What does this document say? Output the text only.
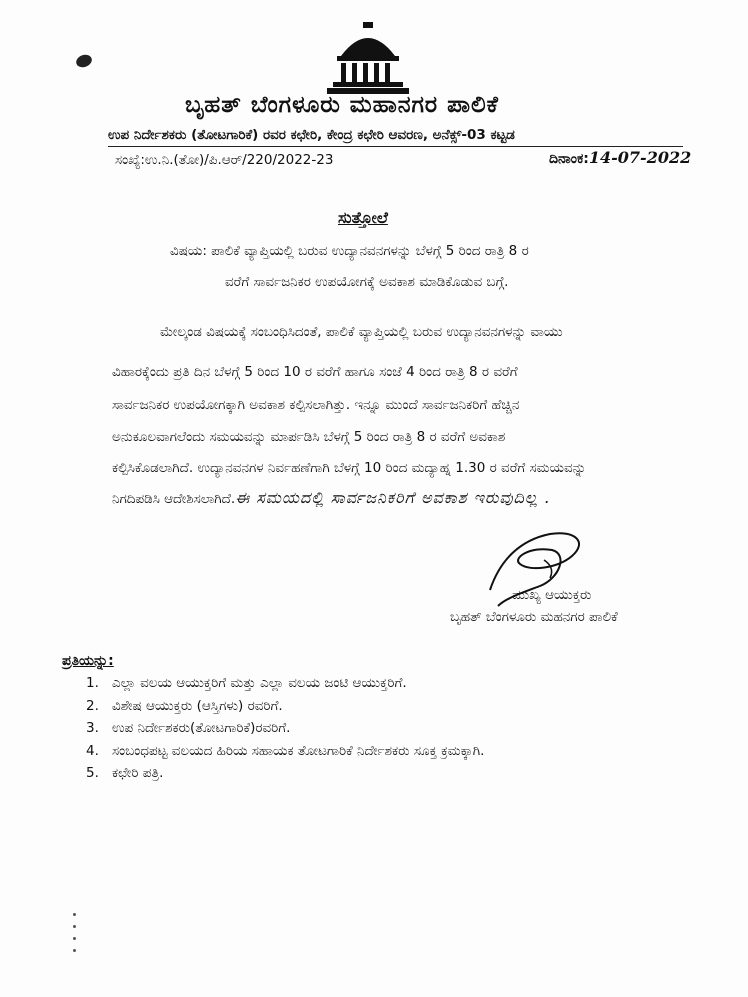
ಬೃಹತ್ ಬೆಂಗಳೂರು ಮಹಾನಗರ ಪಾಲಿಕೆ
ಉಪ ನಿರ್ದೇಶಕರು (ತೋಟಗಾರಿಕೆ) ರವರ ಕಛೇರಿ, ಕೇಂದ್ರ ಕಛೇರಿ ಆವರಣ, ಅನೆಕ್ಸ್-03 ಕಟ್ಟಡ
ಸಂಖ್ಯೆ:ಉ.ನಿ.(ತೋ)/ಪಿ.ಆರ್/220/2022-23	ದಿನಾಂಕ:14-07-2022
ಸುತ್ತೋಲೆ
ವಿಷಯ: ಪಾಲಿಕೆ ವ್ಯಾಪ್ತಿಯಲ್ಲಿ ಬರುವ ಉದ್ಯಾನವನಗಳನ್ನು ಬೆಳಗ್ಗೆ 5 ರಿಂದ ರಾತ್ರಿ 8 ರ
ವರೆಗೆ ಸಾರ್ವಜನಿಕರ ಉಪಯೋಗಕ್ಕೆ ಅವಕಾಶ ಮಾಡಿಕೊಡುವ ಬಗ್ಗೆ.
ಮೇಲ್ಕಂಡ ವಿಷಯಕ್ಕೆ ಸಂಬಂಧಿಸಿದಂತೆ, ಪಾಲಿಕೆ ವ್ಯಾಪ್ತಿಯಲ್ಲಿ ಬರುವ ಉದ್ಯಾನವನಗಳನ್ನು ವಾಯು
ವಿಹಾರಕ್ಕೆಂದು ಪ್ರತಿ ದಿನ ಬೆಳಗ್ಗೆ 5 ರಿಂದ 10 ರ ವರೆಗೆ ಹಾಗೂ ಸಂಜೆ 4 ರಿಂದ ರಾತ್ರಿ 8 ರ ವರೆಗೆ
ಸಾರ್ವಜನಿಕರ ಉಪಯೋಗಕ್ಕಾಗಿ ಅವಕಾಶ ಕಲ್ಪಿಸಲಾಗಿತ್ತು. ಇನ್ನೂ ಮುಂದೆ ಸಾರ್ವಜನಿಕರಿಗೆ ಹೆಚ್ಚಿನ
ಅನುಕೂಲವಾಗಲೆಂದು ಸಮಯವನ್ನು ಮಾರ್ಪಡಿಸಿ ಬೆಳಗ್ಗೆ 5 ರಿಂದ ರಾತ್ರಿ 8 ರ ವರೆಗೆ ಅವಕಾಶ
ಕಲ್ಪಿಸಿಕೊಡಲಾಗಿದೆ. ಉದ್ಯಾನವನಗಳ ನಿರ್ವಹಣೆಗಾಗಿ ಬೆಳಗ್ಗೆ 10 ರಿಂದ ಮದ್ಯಾಹ್ನ 1.30 ರ ವರೆಗೆ ಸಮಯವನ್ನು
ನಿಗದಿಪಡಿಸಿ ಆದೇಶಿಸಲಾಗಿದೆ.ಈ ಸಮಯದಲ್ಲಿ ಸಾರ್ವಜನಿಕರಿಗೆ ಅವಕಾಶ ಇರುವುದಿಲ್ಲ .
ಮುಖ್ಯ ಆಯುಕ್ತರು
ಬೃಹತ್ ಬೆಂಗಳೂರು ಮಹನಗರ ಪಾಲಿಕೆ
ಪ್ರತಿಯನ್ನು:
1. ಎಲ್ಲಾ ವಲಯ ಆಯುಕ್ತರಿಗೆ ಮತ್ತು ಎಲ್ಲಾ ವಲಯ ಜಂಟಿ ಆಯುಕ್ತರಿಗೆ.
2. ವಿಶೇಷ ಆಯುಕ್ತರು (ಆಸ್ತಿಗಳು) ರವರಿಗೆ.
3. ಉಪ ನಿರ್ದೇಶಕರು(ತೋಟಗಾರಿಕೆ)ರವರಿಗೆ.
4. ಸಂಬಂಧಪಟ್ಟ ವಲಯದ ಹಿರಿಯ ಸಹಾಯಕ ತೋಟಗಾರಿಕೆ ನಿರ್ದೇಶಕರು ಸೂಕ್ತ ಕ್ರಮಕ್ಕಾಗಿ.
5. ಕಛೇರಿ ಪತ್ರಿ.
